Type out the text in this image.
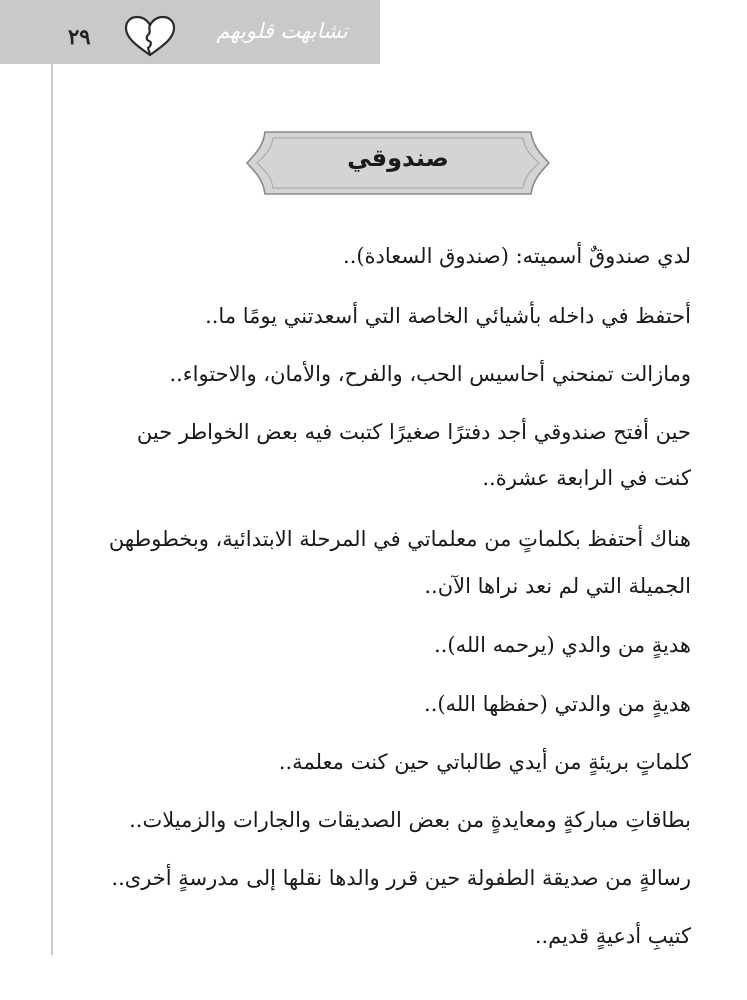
٢٩	تشابهت قلوبهم
صندوقي
لدي صندوقٌ أسميته: (صندوق السعادة)..
أحتفظ في داخله بأشيائي الخاصة التي أسعدتني يومًا ما..
ومازالت تمنحني أحاسيس الحب، والفرح، والأمان، والاحتواء..
حين أفتح صندوقي أجد دفترًا صغيرًا كتبت فيه بعض الخواطر حين
كنت في الرابعة عشرة..
هناك أحتفظ بكلماتٍ من معلماتي في المرحلة الابتدائية، وبخطوطهن
الجميلة التي لم نعد نراها الآن..
هديةٍ من والدي (يرحمه الله)..
هديةٍ من والدتي (حفظها الله)..
كلماتٍ بريئةٍ من أيدي طالباتي حين كنت معلمة..
بطاقاتِ مباركةٍ ومعايدةٍ من بعض الصديقات والجارات والزميلات..
رسالةٍ من صديقة الطفولة حين قرر والدها نقلها إلى مدرسةٍ أخرى..
كتيبِ أدعيةٍ قديم..
